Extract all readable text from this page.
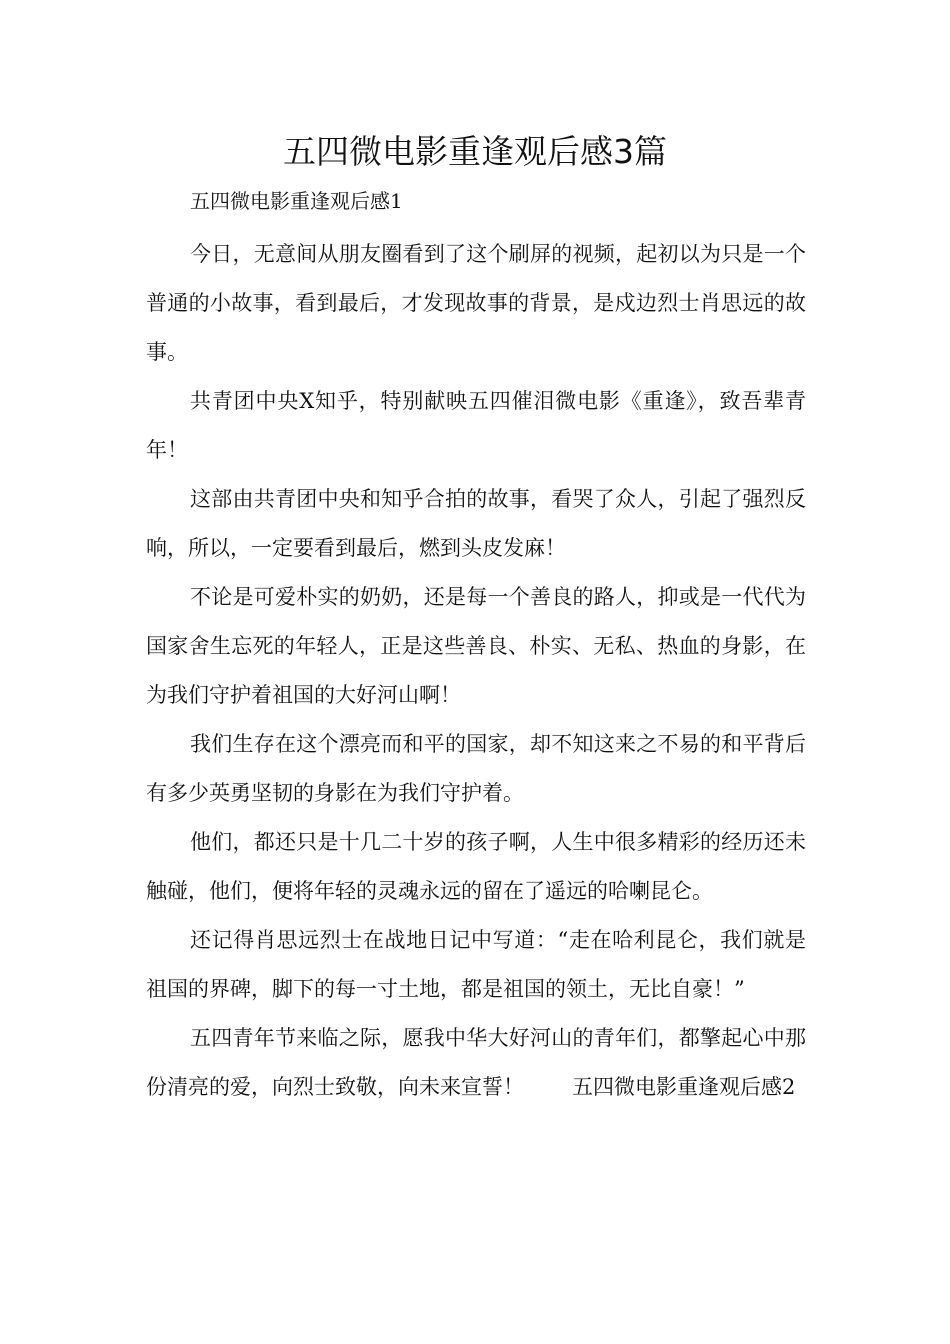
五四微电影重逢观后感3篇

五四微电影重逢观后感1

今日，无意间从朋友圈看到了这个刷屏的视频，起初以为只是一个普通的小故事，看到最后，才发现故事的背景，是戍边烈士肖思远的故事。

共青团中央X知乎，特别献映五四催泪微电影《重逢》，致吾辈青年！

这部由共青团中央和知乎合拍的故事，看哭了众人，引起了强烈反响，所以，一定要看到最后，燃到头皮发麻！

不论是可爱朴实的奶奶，还是每一个善良的路人，抑或是一代代为国家舍生忘死的年轻人，正是这些善良、朴实、无私、热血的身影，在为我们守护着祖国的大好河山啊！

我们生存在这个漂亮而和平的国家，却不知这来之不易的和平背后有多少英勇坚韧的身影在为我们守护着。

他们，都还只是十几二十岁的孩子啊，人生中很多精彩的经历还未触碰，他们，便将年轻的灵魂永远的留在了遥远的哈喇昆仑。

还记得肖思远烈士在战地日记中写道：“走在哈利昆仑，我们就是祖国的界碑，脚下的每一寸土地，都是祖国的领土，无比自豪！”

五四青年节来临之际，愿我中华大好河山的青年们，都擎起心中那份清亮的爱，向烈士致敬，向未来宣誓！ 五四微电影重逢观后感2
